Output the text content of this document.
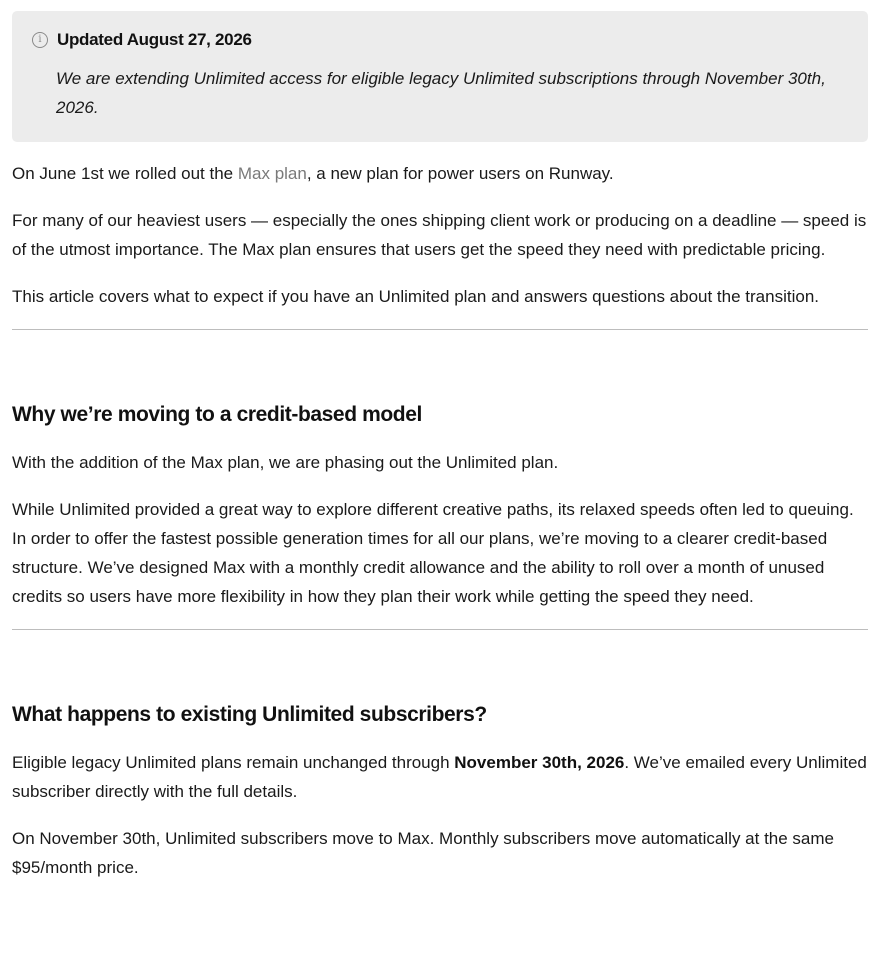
i Updated August 27, 2026
We are extending Unlimited access for eligible legacy Unlimited subscriptions through November 30th, 2026.

On June 1st we rolled out the Max plan, a new plan for power users on Runway.

For many of our heaviest users — especially the ones shipping client work or producing on a deadline — speed is of the utmost importance. The Max plan ensures that users get the speed they need with predictable pricing.

This article covers what to expect if you have an Unlimited plan and answers questions about the transition.

Why we’re moving to a credit-based model

With the addition of the Max plan, we are phasing out the Unlimited plan.

While Unlimited provided a great way to explore different creative paths, its relaxed speeds often led to queuing. In order to offer the fastest possible generation times for all our plans, we’re moving to a clearer credit-based structure. We’ve designed Max with a monthly credit allowance and the ability to roll over a month of unused credits so users have more flexibility in how they plan their work while getting the speed they need.

What happens to existing Unlimited subscribers?

Eligible legacy Unlimited plans remain unchanged through November 30th, 2026. We’ve emailed every Unlimited subscriber directly with the full details.

On November 30th, Unlimited subscribers move to Max. Monthly subscribers move automatically at the same $95/month price.
